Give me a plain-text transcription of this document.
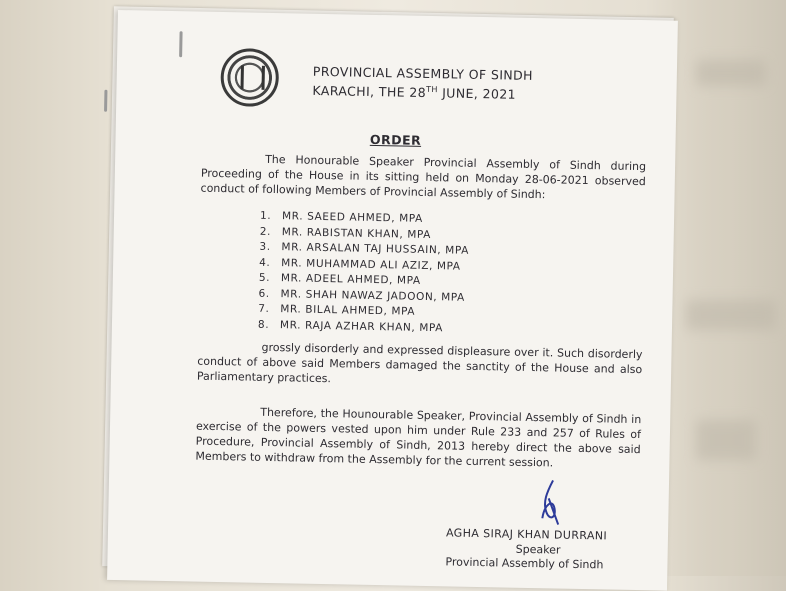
PROVINCIAL ASSEMBLY OF SINDH
KARACHI, THE 28TH JUNE, 2021
ORDER
The Honourable Speaker Provincial Assembly of Sindh during Proceeding of the House in its sitting held on Monday 28-06-2021 observed conduct of following Members of Provincial Assembly of Sindh:
1. MR. SAEED AHMED, MPA
2. MR. RABISTAN KHAN, MPA
3. MR. ARSALAN TAJ HUSSAIN, MPA
4. MR. MUHAMMAD ALI AZIZ, MPA
5. MR. ADEEL AHMED, MPA
6. MR. SHAH NAWAZ JADOON, MPA
7. MR. BILAL AHMED, MPA
8. MR. RAJA AZHAR KHAN, MPA
grossly disorderly and expressed displeasure over it. Such disorderly conduct of above said Members damaged the sanctity of the House and also Parliamentary practices.
Therefore, the Hounourable Speaker, Provincial Assembly of Sindh in exercise of the powers vested upon him under Rule 233 and 257 of Rules of Procedure, Provincial Assembly of Sindh, 2013 hereby direct the above said Members to withdraw from the Assembly for the current session.
AGHA SIRAJ KHAN DURRANI
Speaker
Provincial Assembly of Sindh
